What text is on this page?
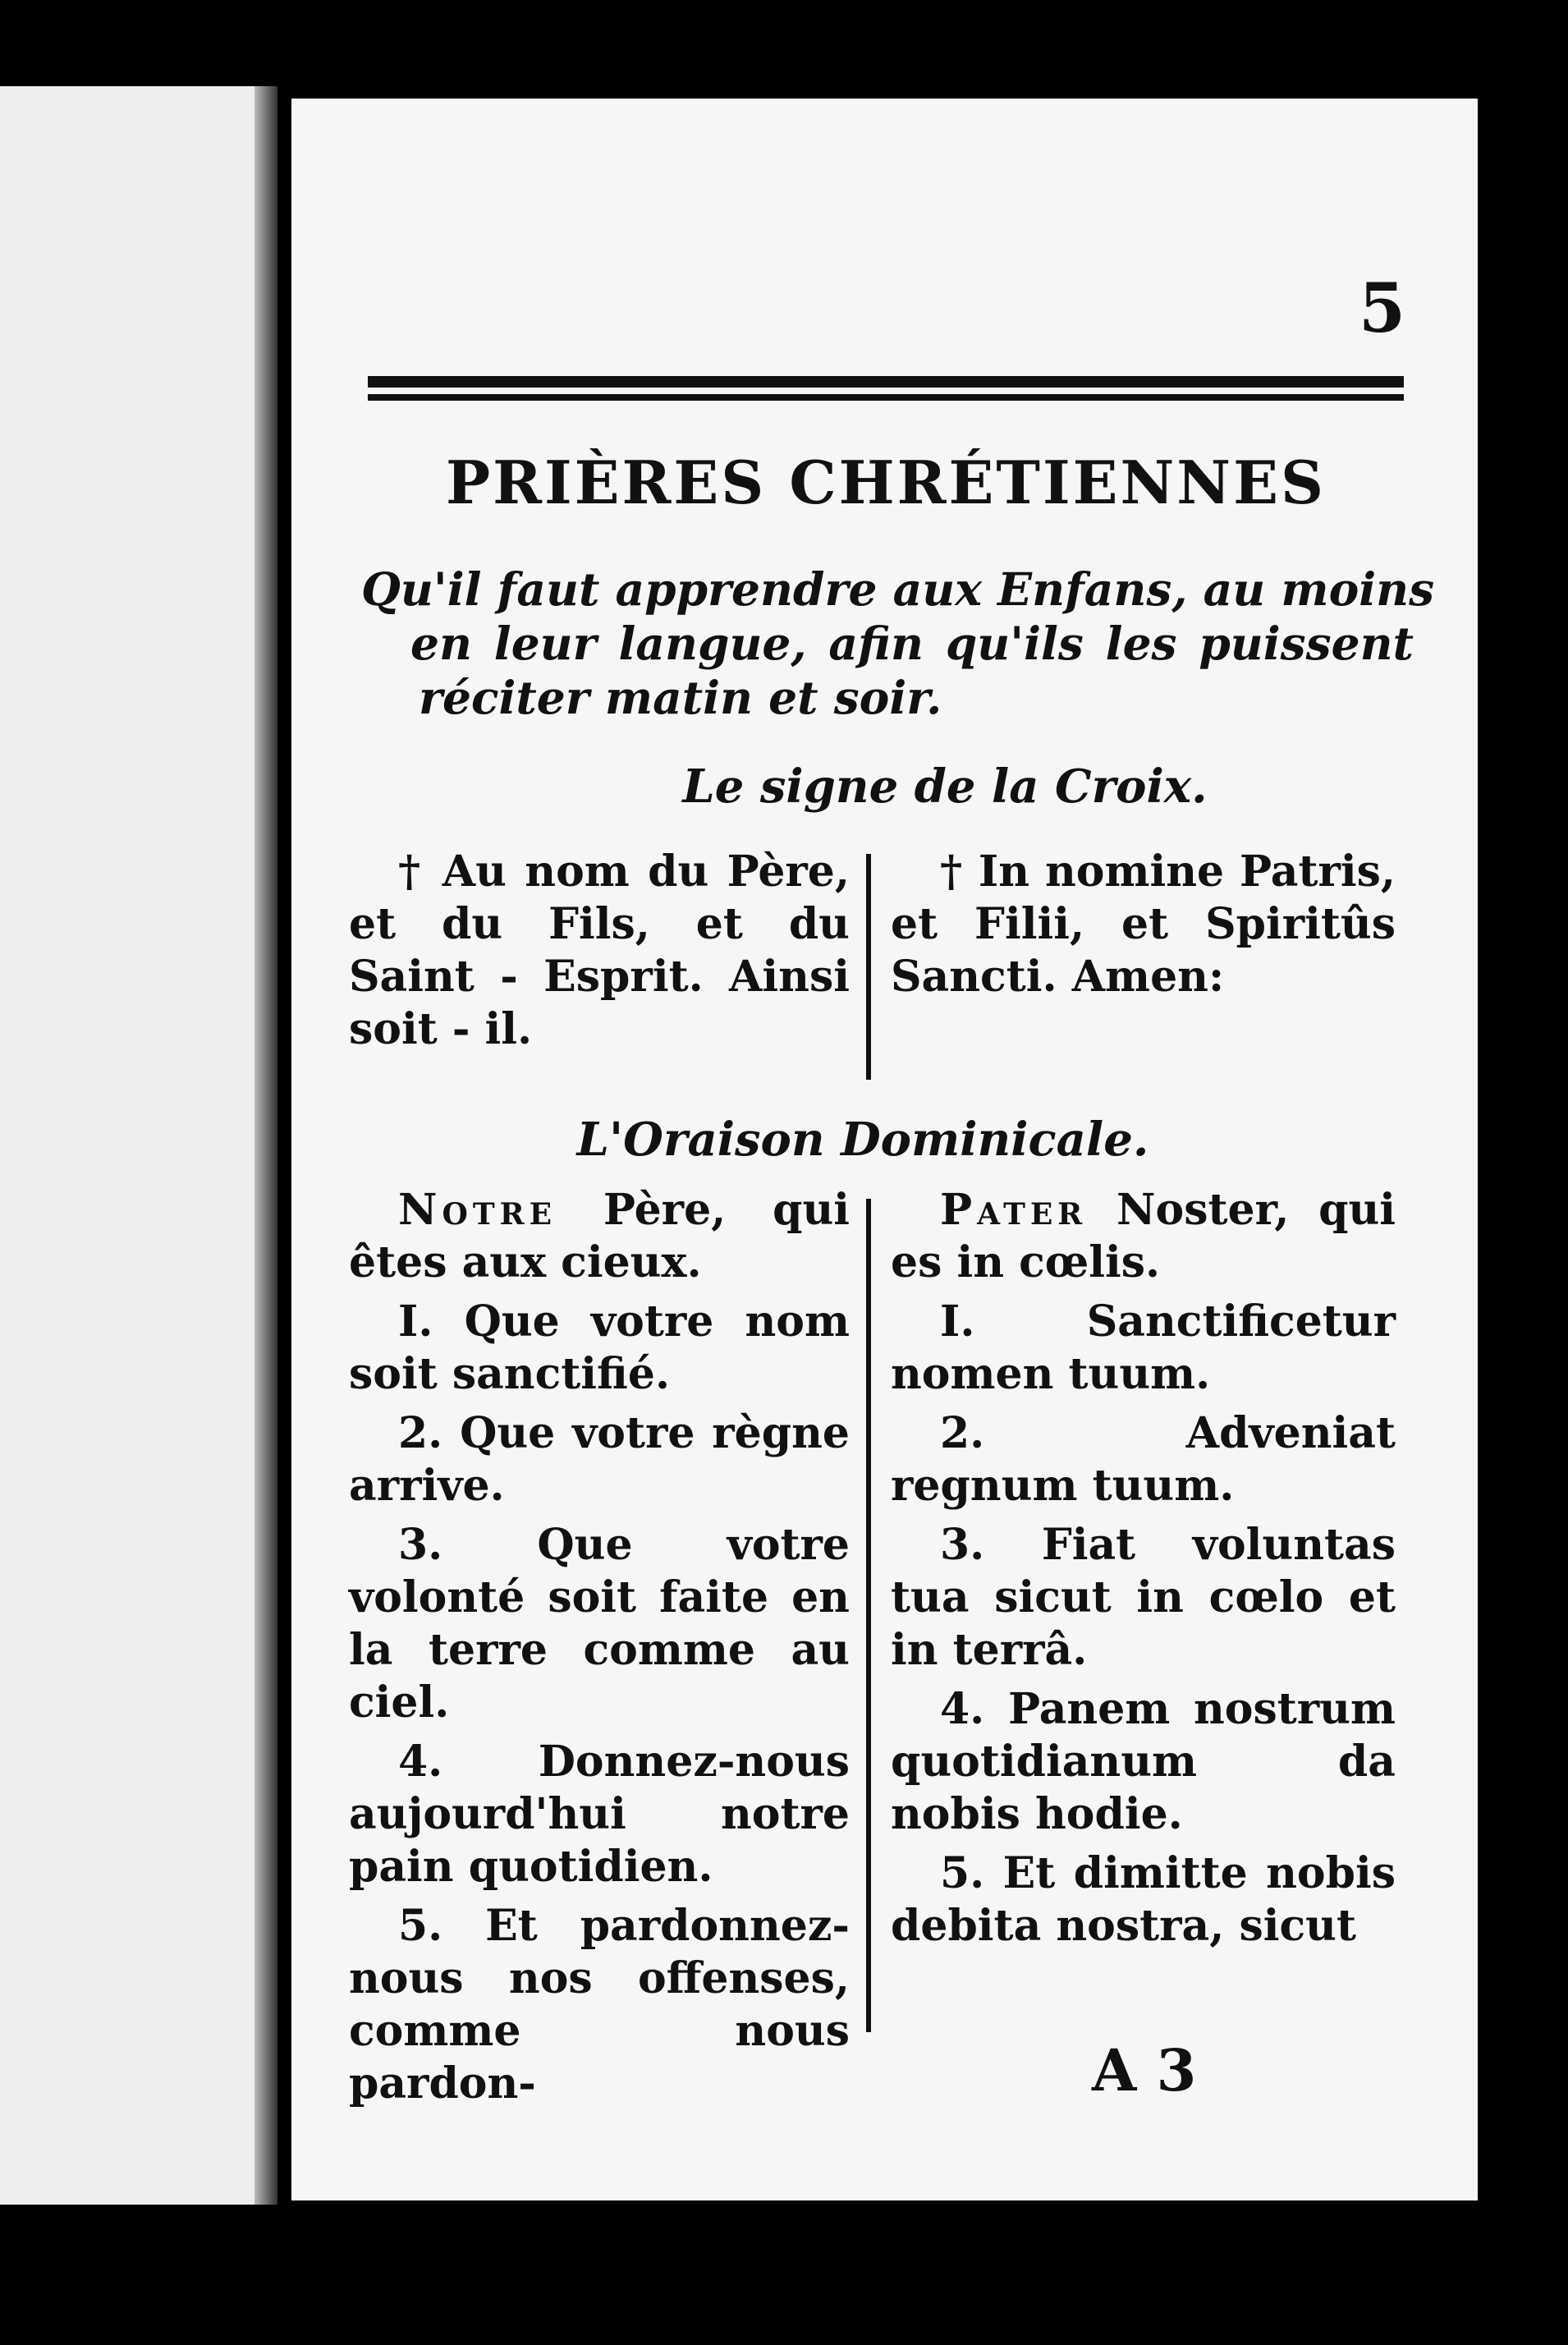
5
PRIÈRES CHRÉTIENNES
Qu'il faut apprendre aux Enfans, au moins
en leur langue, afin qu'ils les puissent
réciter matin et soir.
Le signe de la Croix.

† Au nom du Père, et du Fils, et du Saint - Esprit. Ainsi soit - il.

† In nomine Patris, et Filii, et Spiritûs Sancti. Amen:

L'Oraison Dominicale.

Notre Père, qui êtes aux cieux.

I. Que votre nom soit sanctifié.

2. Que votre règne arrive.

3. Que votre volonté soit faite en la terre comme au ciel.

4. Donnez-nous aujourd'hui notre pain quotidien.

5. Et pardonnez-nous nos offenses, comme nous pardon-

Pater Noster, qui es in cœlis.

I. Sanctificetur nomen tuum.

2. Adveniat regnum tuum.

3. Fiat voluntas tua sicut in cœlo et in terrâ.

4. Panem nostrum quotidianum da nobis hodie.

5. Et dimitte nobis debita nostra, sicut

A 3
